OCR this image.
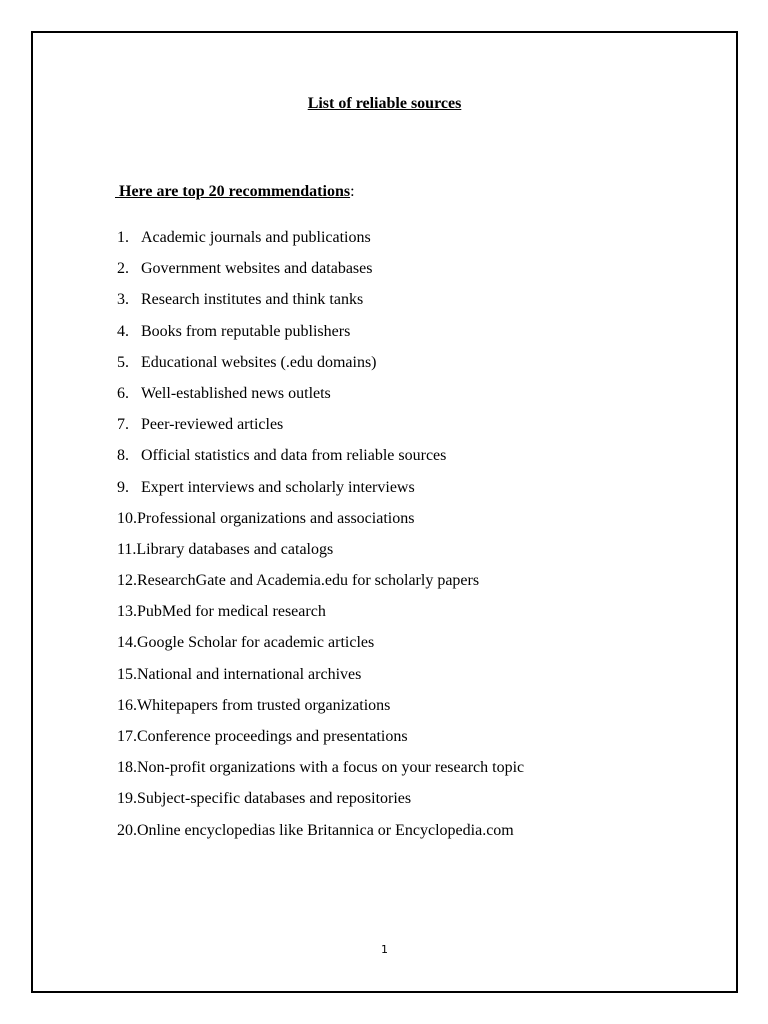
List of reliable sources
Here are top 20 recommendations:
1. Academic journals and publications
2. Government websites and databases
3. Research institutes and think tanks
4. Books from reputable publishers
5. Educational websites (.edu domains)
6. Well-established news outlets
7. Peer-reviewed articles
8. Official statistics and data from reliable sources
9. Expert interviews and scholarly interviews
10. Professional organizations and associations
11. Library databases and catalogs
12. ResearchGate and Academia.edu for scholarly papers
13. PubMed for medical research
14. Google Scholar for academic articles
15. National and international archives
16. Whitepapers from trusted organizations
17. Conference proceedings and presentations
18. Non-profit organizations with a focus on your research topic
19. Subject-specific databases and repositories
20. Online encyclopedias like Britannica or Encyclopedia.com
1
